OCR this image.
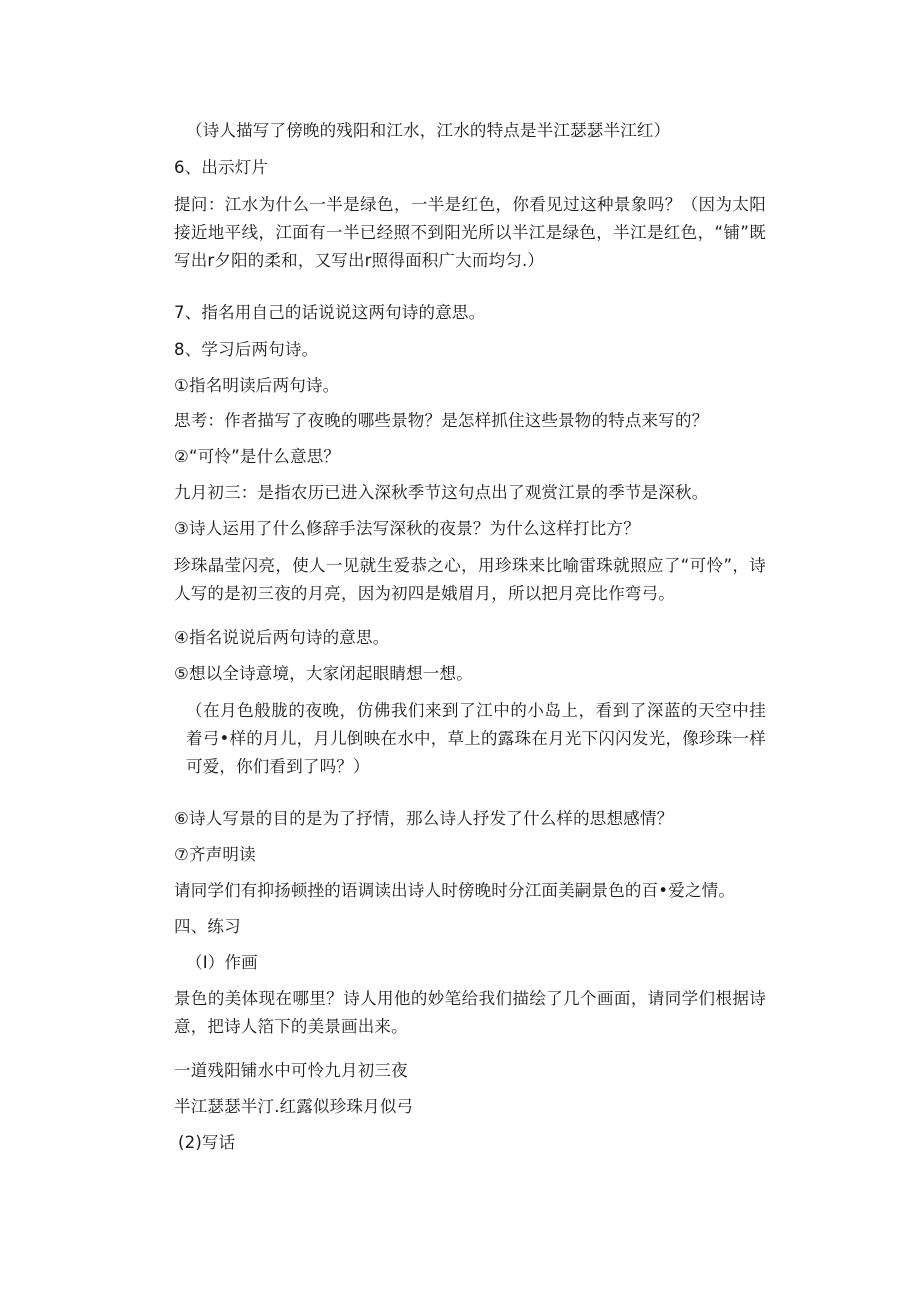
（诗人描写了傍晚的残阳和江水，江水的特点是半江瑟瑟半江红）
6、出示灯片
提问：江水为什么一半是绿色，一半是红色，你看见过这种景象吗？（因为太阳接近地平线，江面有一半已经照不到阳光所以半江是绿色，半江是红色，“铺”既写出r夕阳的柔和，又写出r照得面积广大而均匀.）
7、指名用自己的话说说这两句诗的意思。
8、学习后两句诗。
①指名明读后两句诗。
思考：作者描写了夜晚的哪些景物？是怎样抓住这些景物的特点来写的？
②“可怜”是什么意思？
九月初三：是指农历已进入深秋季节这句点出了观赏江景的季节是深秋。
③诗人运用了什么修辞手法写深秋的夜景？为什么这样打比方？
珍珠晶莹闪亮，使人一见就生爱恭之心，用珍珠来比喻雷珠就照应了“可怜”，诗人写的是初三夜的月亮，因为初四是娥眉月，所以把月亮比作弯弓。
④指名说说后两句诗的意思。
⑤想以全诗意境，大家闭起眼睛想一想。
（在月色般胧的夜晚，仿佛我们来到了江中的小岛上，看到了深蓝的天空中挂着弓•样的月儿，月儿倒映在水中，草上的露珠在月光下闪闪发光，像珍珠一样可爱，你们看到了吗？）
⑥诗人写景的目的是为了抒情，那么诗人抒发了什么样的思想感情？
⑦齐声明读
请同学们有抑扬顿挫的语调读出诗人时傍晚时分江面美嗣景色的百•爱之情。
四、练习
（I）作画
景色的美体现在哪里？诗人用他的妙笔给我们描绘了几个画面，请同学们根据诗意，把诗人箔下的美景画出来。
一道残阳铺水中可怜九月初三夜
半江瑟瑟半汀.红露似珍珠月似弓
(2)写话
